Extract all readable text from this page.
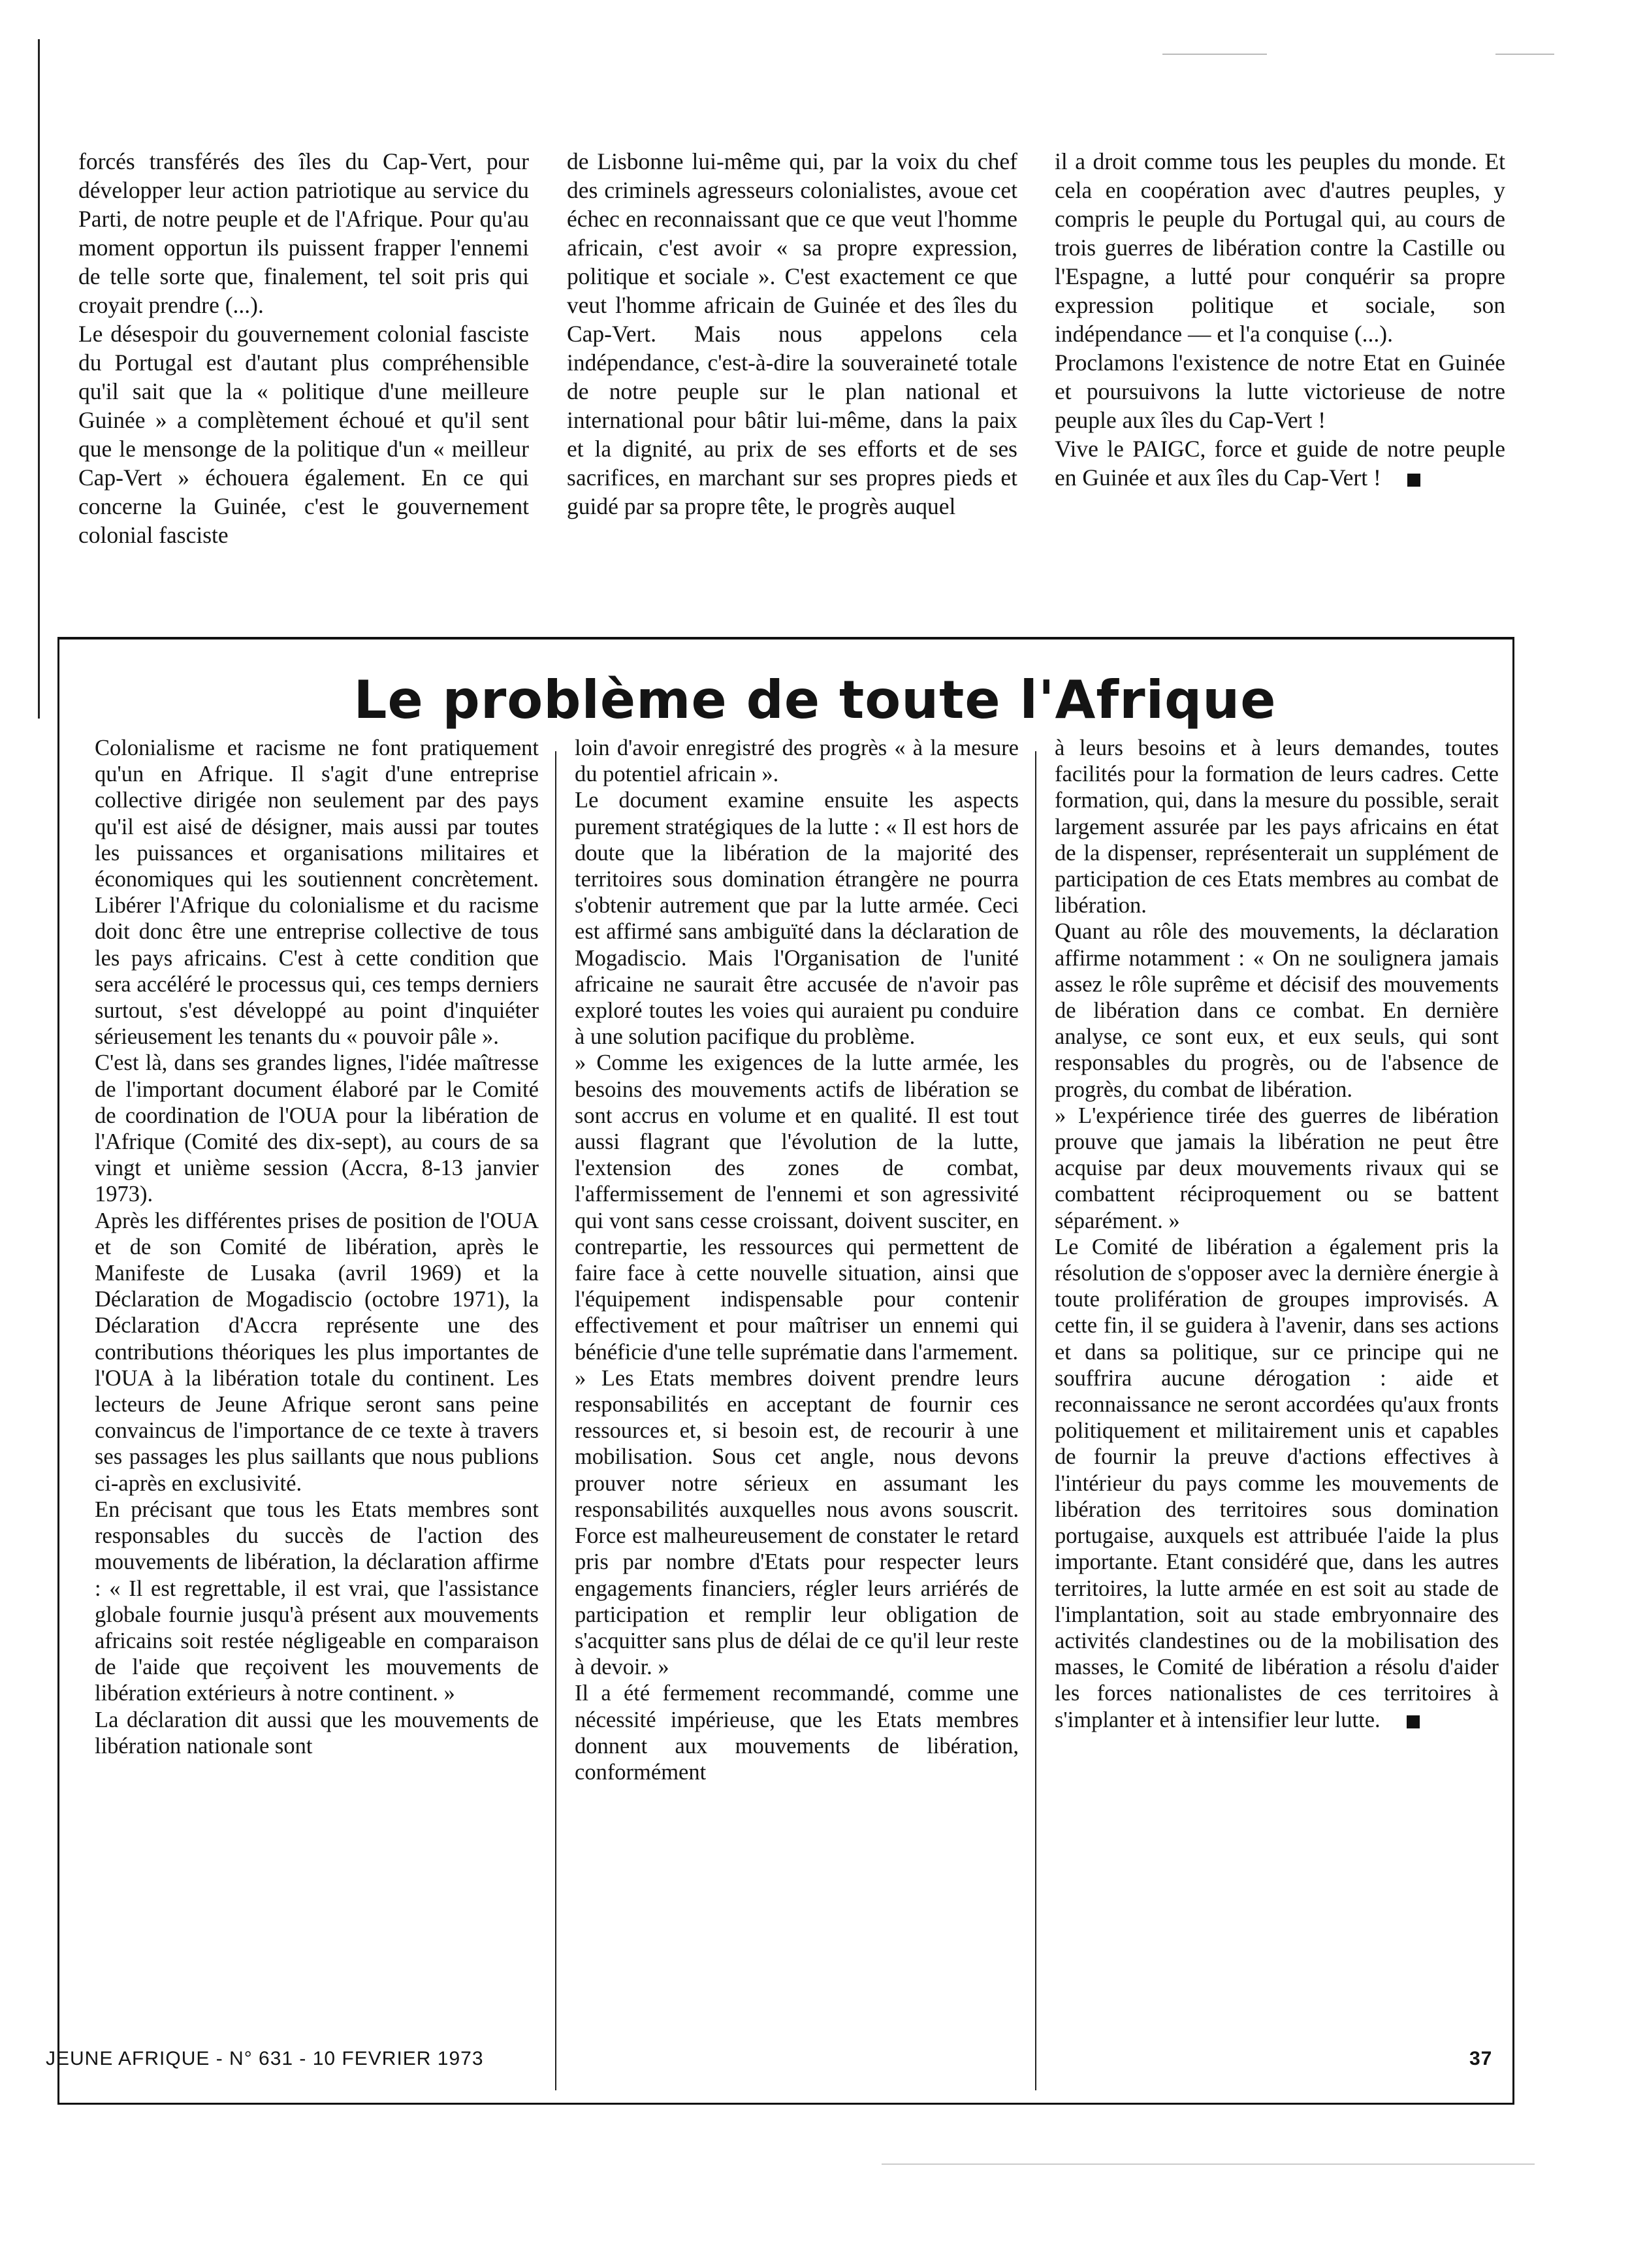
forcés transférés des îles du Cap-Vert, pour développer leur action patriotique au service du Parti, de notre peuple et de l'Afrique. Pour qu'au moment opportun ils puissent frapper l'ennemi de telle sorte que, finalement, tel soit pris qui croyait prendre (...).

Le désespoir du gouvernement colonial fasciste du Portugal est d'autant plus compréhensible qu'il sait que la « politique d'une meilleure Guinée » a complètement échoué et qu'il sent que le mensonge de la politique d'un « meilleur Cap-Vert » échouera également. En ce qui concerne la Guinée, c'est le gouvernement colonial fasciste

de Lisbonne lui-même qui, par la voix du chef des criminels agresseurs colonialistes, avoue cet échec en reconnaissant que ce que veut l'homme africain, c'est avoir « sa propre expression, politique et sociale ». C'est exactement ce que veut l'homme africain de Guinée et des îles du Cap-Vert. Mais nous appelons cela indépendance, c'est-à-dire la souveraineté totale de notre peuple sur le plan national et international pour bâtir lui-même, dans la paix et la dignité, au prix de ses efforts et de ses sacrifices, en marchant sur ses propres pieds et guidé par sa propre tête, le progrès auquel

il a droit comme tous les peuples du monde. Et cela en coopération avec d'autres peuples, y compris le peuple du Portugal qui, au cours de trois guerres de libération contre la Castille ou l'Espagne, a lutté pour conquérir sa propre expression politique et sociale, son indépendance — et l'a conquise (...).

Proclamons l'existence de notre Etat en Guinée et poursuivons la lutte victorieuse de notre peuple aux îles du Cap-Vert !

Vive le PAIGC, force et guide de notre peuple en Guinée et aux îles du Cap-Vert !

Le problème de toute l'Afrique

Colonialisme et racisme ne font pratiquement qu'un en Afrique. Il s'agit d'une entreprise collective dirigée non seulement par des pays qu'il est aisé de désigner, mais aussi par toutes les puissances et organisations militaires et économiques qui les soutiennent concrètement. Libérer l'Afrique du colonialisme et du racisme doit donc être une entreprise collective de tous les pays africains. C'est à cette condition que sera accéléré le processus qui, ces temps derniers surtout, s'est développé au point d'inquiéter sérieusement les tenants du « pouvoir pâle ».

C'est là, dans ses grandes lignes, l'idée maîtresse de l'important document élaboré par le Comité de coordination de l'OUA pour la libération de l'Afrique (Comité des dix-sept), au cours de sa vingt et unième session (Accra, 8-13 janvier 1973).

Après les différentes prises de position de l'OUA et de son Comité de libération, après le Manifeste de Lusaka (avril 1969) et la Déclaration de Mogadiscio (octobre 1971), la Déclaration d'Accra représente une des contributions théoriques les plus importantes de l'OUA à la libération totale du continent. Les lecteurs de Jeune Afrique seront sans peine convaincus de l'importance de ce texte à travers ses passages les plus saillants que nous publions ci-après en exclusivité.

En précisant que tous les Etats membres sont responsables du succès de l'action des mouvements de libération, la déclaration affirme : « Il est regrettable, il est vrai, que l'assistance globale fournie jusqu'à présent aux mouvements africains soit restée négligeable en comparaison de l'aide que reçoivent les mouvements de libération extérieurs à notre continent. »

La déclaration dit aussi que les mouvements de libération nationale sont

loin d'avoir enregistré des progrès « à la mesure du potentiel africain ».

Le document examine ensuite les aspects purement stratégiques de la lutte : « Il est hors de doute que la libération de la majorité des territoires sous domination étrangère ne pourra s'obtenir autrement que par la lutte armée. Ceci est affirmé sans ambiguïté dans la déclaration de Mogadiscio. Mais l'Organisation de l'unité africaine ne saurait être accusée de n'avoir pas exploré toutes les voies qui auraient pu conduire à une solution pacifique du problème.

» Comme les exigences de la lutte armée, les besoins des mouvements actifs de libération se sont accrus en volume et en qualité. Il est tout aussi flagrant que l'évolution de la lutte, l'extension des zones de combat, l'affermissement de l'ennemi et son agressivité qui vont sans cesse croissant, doivent susciter, en contrepartie, les ressources qui permettent de faire face à cette nouvelle situation, ainsi que l'équipement indispensable pour contenir effectivement et pour maîtriser un ennemi qui bénéficie d'une telle suprématie dans l'armement.

» Les Etats membres doivent prendre leurs responsabilités en acceptant de fournir ces ressources et, si besoin est, de recourir à une mobilisation. Sous cet angle, nous devons prouver notre sérieux en assumant les responsabilités auxquelles nous avons souscrit. Force est malheureusement de constater le retard pris par nombre d'Etats pour respecter leurs engagements financiers, régler leurs arriérés de participation et remplir leur obligation de s'acquitter sans plus de délai de ce qu'il leur reste à devoir. »

Il a été fermement recommandé, comme une nécessité impérieuse, que les Etats membres donnent aux mouvements de libération, conformément

à leurs besoins et à leurs demandes, toutes facilités pour la formation de leurs cadres. Cette formation, qui, dans la mesure du possible, serait largement assurée par les pays africains en état de la dispenser, représenterait un supplément de participation de ces Etats membres au combat de libération.

Quant au rôle des mouvements, la déclaration affirme notamment : « On ne soulignera jamais assez le rôle suprême et décisif des mouvements de libération dans ce combat. En dernière analyse, ce sont eux, et eux seuls, qui sont responsables du progrès, ou de l'absence de progrès, du combat de libération.

» L'expérience tirée des guerres de libération prouve que jamais la libération ne peut être acquise par deux mouvements rivaux qui se combattent réciproquement ou se battent séparément. »

Le Comité de libération a également pris la résolution de s'opposer avec la dernière énergie à toute prolifération de groupes improvisés. A cette fin, il se guidera à l'avenir, dans ses actions et dans sa politique, sur ce principe qui ne souffrira aucune dérogation : aide et reconnaissance ne seront accordées qu'aux fronts politiquement et militairement unis et capables de fournir la preuve d'actions effectives à l'intérieur du pays comme les mouvements de libération des territoires sous domination portugaise, auxquels est attribuée l'aide la plus importante. Etant considéré que, dans les autres territoires, la lutte armée en est soit au stade de l'implantation, soit au stade embryonnaire des activités clandestines ou de la mobilisation des masses, le Comité de libération a résolu d'aider les forces nationalistes de ces territoires à s'implanter et à intensifier leur lutte.

JEUNE AFRIQUE - N° 631 - 10 FEVRIER 1973	37
